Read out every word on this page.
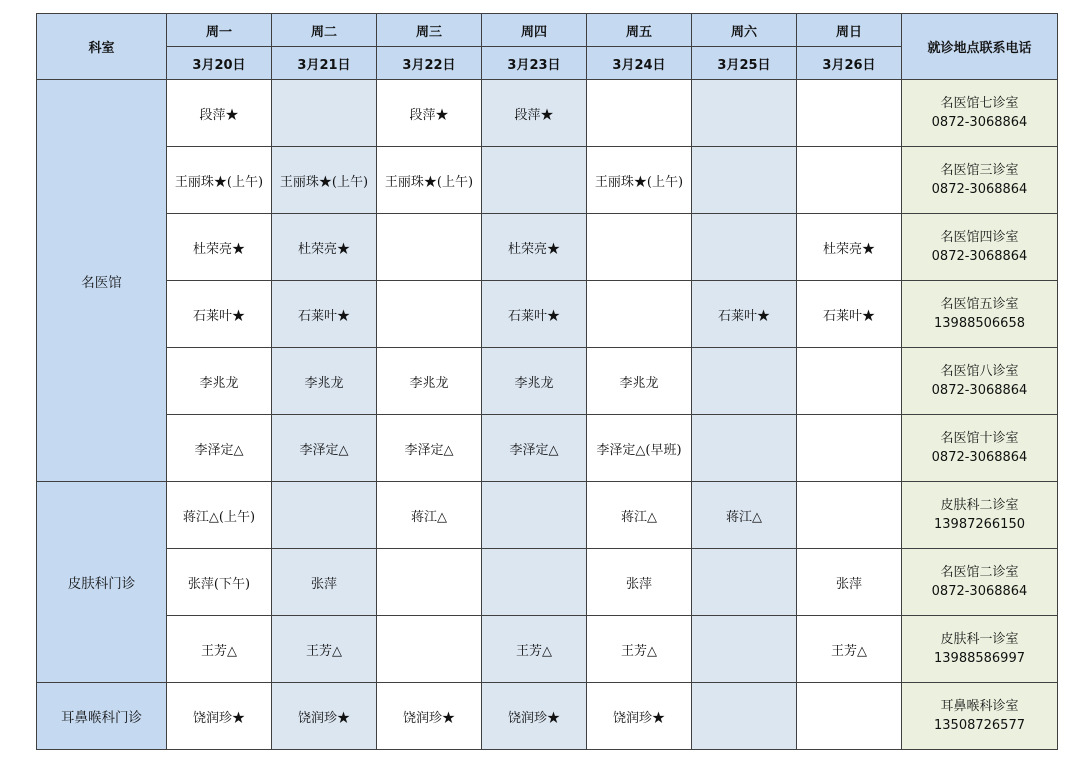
科室	周一	周二	周三	周四	周五	周六	周日	就诊地点联系电话
	3月20日	3月21日	3月22日	3月23日	3月24日	3月25日	3月26日	
名医馆	段萍★		段萍★	段萍★				名医馆七诊室
0872-3068864

	王丽珠★(上午)	王丽珠★(上午)	王丽珠★(上午)		王丽珠★(上午)			名医馆三诊室
0872-3068864

	杜荣亮★	杜荣亮★		杜荣亮★			杜荣亮★	名医馆四诊室
0872-3068864

	石莱叶★	石莱叶★		石莱叶★		石莱叶★	石莱叶★	名医馆五诊室
13988506658

	李兆龙	李兆龙	李兆龙	李兆龙	李兆龙			名医馆八诊室
0872-3068864

	李泽定△	李泽定△	李泽定△	李泽定△	李泽定△(早班)			名医馆十诊室
0872-3068864

皮肤科门诊	蒋江△(上午)		蒋江△		蒋江△	蒋江△		皮肤科二诊室
13987266150

	张萍(下午)	张萍			张萍		张萍	名医馆二诊室
0872-3068864

	王芳△	王芳△		王芳△	王芳△		王芳△	皮肤科一诊室
13988586997

耳鼻喉科门诊	饶润珍★	饶润珍★	饶润珍★	饶润珍★	饶润珍★			耳鼻喉科诊室
13508726577
